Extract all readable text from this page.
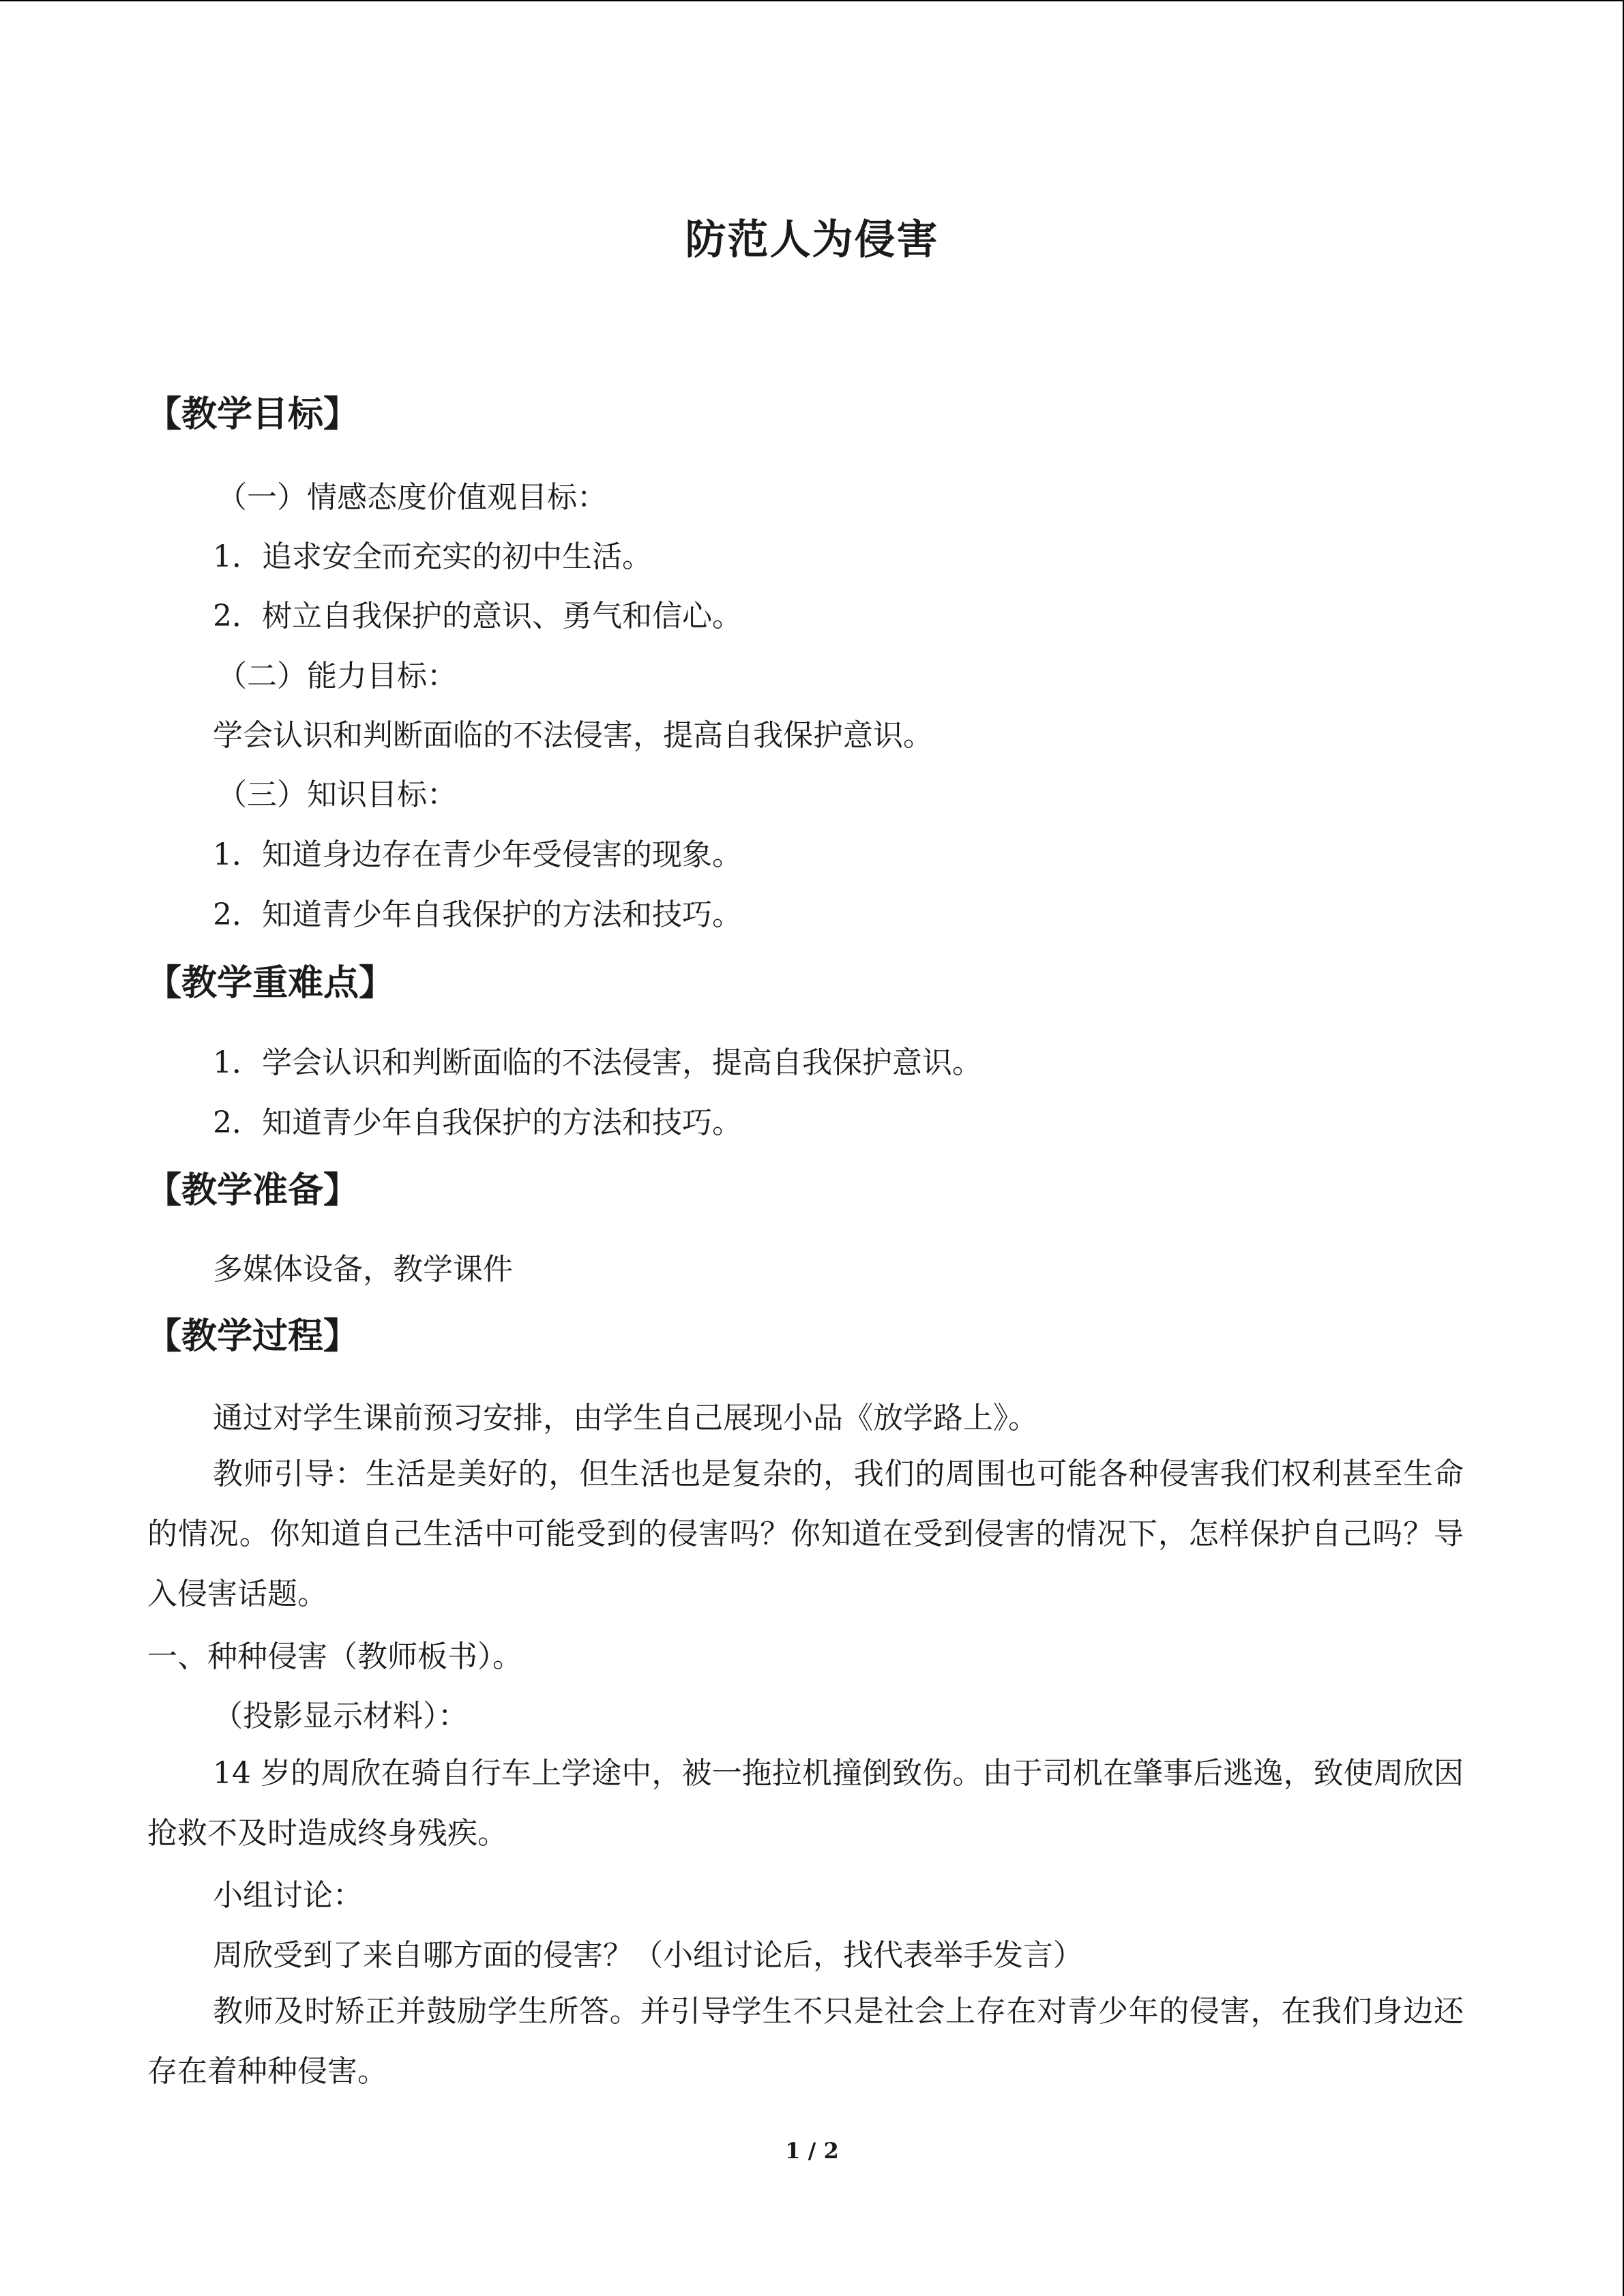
防范人为侵害
【教学目标】
（一）情感态度价值观目标：
1．追求安全而充实的初中生活。
2．树立自我保护的意识、勇气和信心。
（二）能力目标：
学会认识和判断面临的不法侵害，提高自我保护意识。
（三）知识目标：
1．知道身边存在青少年受侵害的现象。
2．知道青少年自我保护的方法和技巧。
【教学重难点】
1．学会认识和判断面临的不法侵害，提高自我保护意识。
2．知道青少年自我保护的方法和技巧。
【教学准备】
多媒体设备，教学课件
【教学过程】
通过对学生课前预习安排，由学生自己展现小品《放学路上》。
教师引导：生活是美好的，但生活也是复杂的，我们的周围也可能各种侵害我们权利甚至生命的情况。你知道自己生活中可能受到的侵害吗？你知道在受到侵害的情况下，怎样保护自己吗？导入侵害话题。
一、种种侵害（教师板书）。
（投影显示材料）：
14 岁的周欣在骑自行车上学途中，被一拖拉机撞倒致伤。由于司机在肇事后逃逸，致使周欣因抢救不及时造成终身残疾。
小组讨论：
周欣受到了来自哪方面的侵害？（小组讨论后，找代表举手发言）
教师及时矫正并鼓励学生所答。并引导学生不只是社会上存在对青少年的侵害，在我们身边还存在着种种侵害。
1 / 2
